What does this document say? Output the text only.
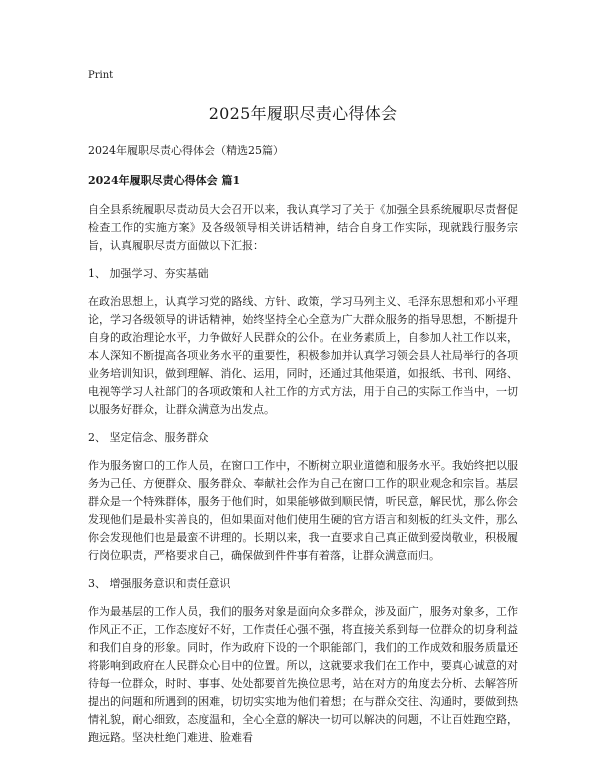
Print
2025年履职尽责心得体会

2024年履职尽责心得体会（精选25篇）

2024年履职尽责心得体会 篇1

自全县系统履职尽责动员大会召开以来，我认真学习了关于《加强全县系统履职尽责督促检查工作的实施方案》及各级领导相关讲话精神，结合自身工作实际，现就践行服务宗旨，认真履职尽责方面做以下汇报：

1、 加强学习、夯实基础

在政治思想上，认真学习党的路线、方针、政策，学习马列主义、毛泽东思想和邓小平理论，学习各级领导的讲话精神，始终坚持全心全意为广大群众服务的指导思想，不断提升自身的政治理论水平，力争做好人民群众的公仆。在业务素质上，自参加人社工作以来，本人深知不断提高各项业务水平的重要性，积极参加并认真学习领会县人社局举行的各项业务培训知识，做到理解、消化、运用，同时，还通过其他渠道，如报纸、书刊、网络、电视等学习人社部门的各项政策和人社工作的方式方法，用于自己的实际工作当中，一切以服务好群众，让群众满意为出发点。

2、 坚定信念、服务群众

作为服务窗口的工作人员，在窗口工作中，不断树立职业道德和服务水平。我始终把以服务为己任、方便群众、服务群众、奉献社会作为自己在窗口工作的职业观念和宗旨。基层群众是一个特殊群体，服务于他们时，如果能够做到顺民情，听民意，解民忧，那么你会发现他们是最朴实善良的，但如果面对他们使用生硬的官方语言和刻板的红头文件，那么你会发现他们也是最蛮不讲理的。长期以来，我一直要求自己真正做到爱岗敬业，积极履行岗位职责，严格要求自己，确保做到件件事有着落，让群众满意而归。

3、 增强服务意识和责任意识

作为最基层的工作人员，我们的服务对象是面向众多群众，涉及面广，服务对象多，工作作风正不正，工作态度好不好，工作责任心强不强，将直接关系到每一位群众的切身利益和我们自身的形象。同时，作为政府下设的一个职能部门，我们的工作成效和服务质量还将影响到政府在人民群众心目中的位置。所以，这就要求我们在工作中，要真心诚意的对待每一位群众，时时、事事、处处都要首先换位思考，站在对方的角度去分析、去解答所提出的问题和所遇到的困难，切切实实地为他们着想；在与群众交往、沟通时，要做到热情礼貌，耐心细致，态度温和，全心全意的解决一切可以解决的问题，不让百姓跑空路，跑远路。坚决杜绝门难进、脸难看
